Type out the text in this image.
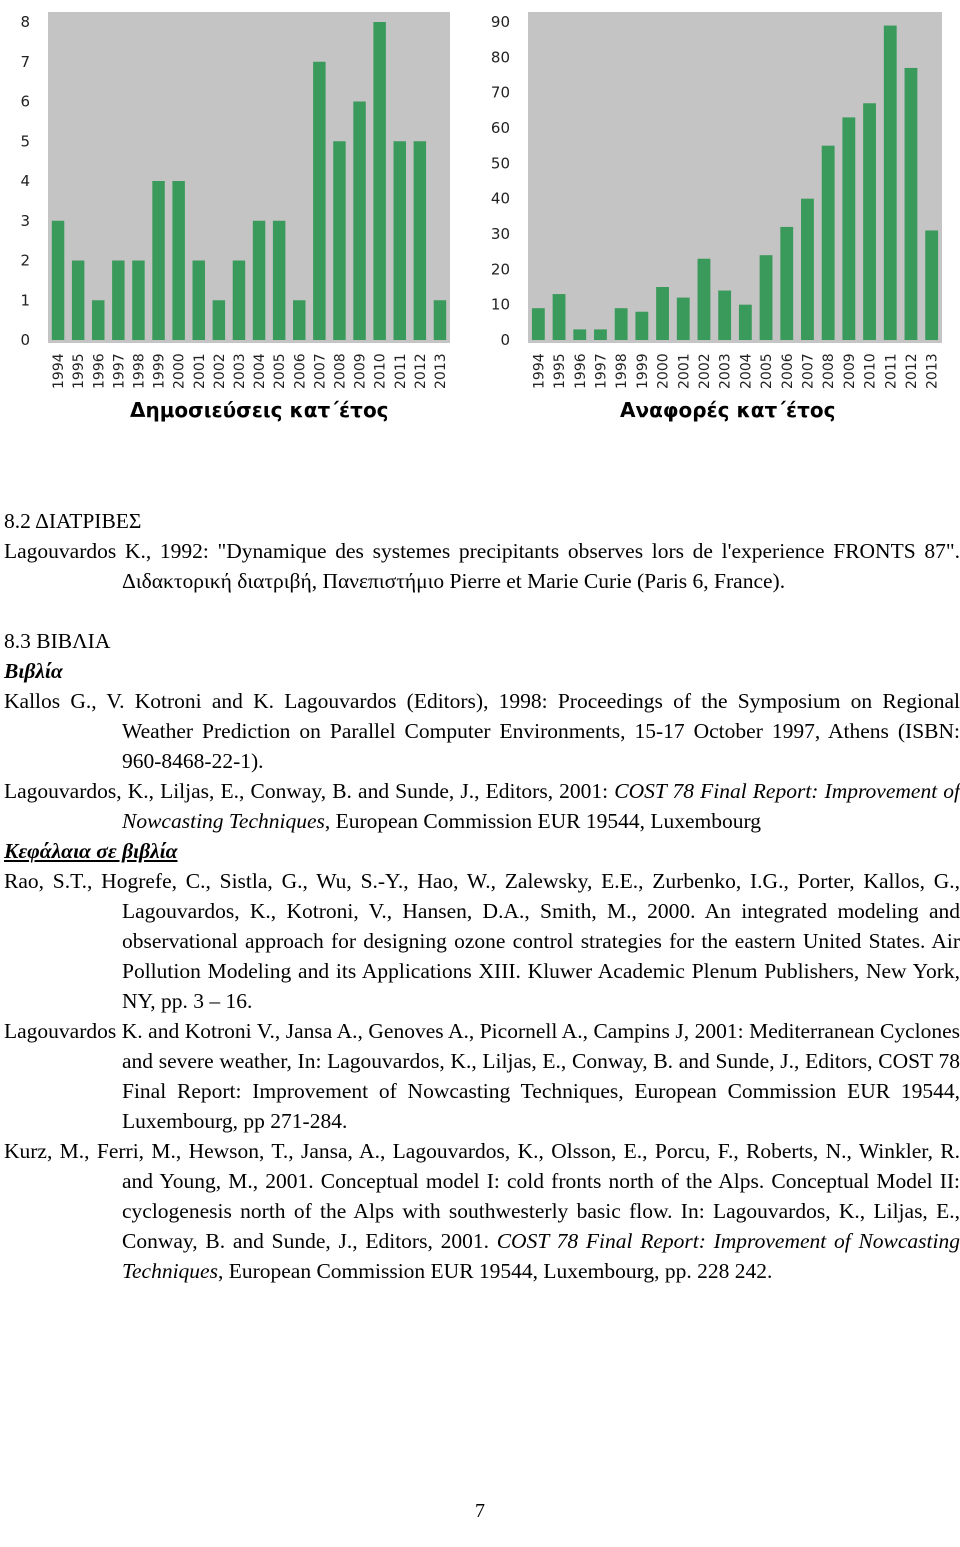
0
1
2
3
4
5
6
7
8
1994 1995 1996 1997 1998 1999 2000 2001 2002 2003 2004 2005 2006 2007 2008 2009 2010 2011 2012 2013
Δημοσιεύσεις κατ΄έτος
0
10
20
30
40
50
60
70
80
90
1994 1995 1996 1997 1998 1999 2000 2001 2002 2003 2004 2005 2006 2007 2008 2009 2010 2011 2012 2013
Αναφορές κατ΄έτος

8.2 ΔΙΑΤΡΙΒΕΣ

Lagouvardos K., 1992: "Dynamique des systemes precipitants observes lors de l'experience FRONTS 87". Διδακτορική διατριβή, Πανεπιστήμιο Pierre et Marie Curie (Paris 6, France).

8.3 ΒΙΒΛΙΑ

Βιβλία

Kallos G., V. Kotroni and K. Lagouvardos (Editors), 1998: Proceedings of the Symposium on Regional Weather Prediction on Parallel Computer Environments, 15-17 October 1997, Athens (ISBN: 960-8468-22-1).

Lagouvardos, K., Liljas, E., Conway, B. and Sunde, J., Editors, 2001: COST 78 Final Report: Improvement of Nowcasting Techniques, European Commission EUR 19544, Luxembourg

Κεφάλαια σε βιβλία

Rao, S.T., Hogrefe, C., Sistla, G., Wu, S.-Y., Hao, W., Zalewsky, E.E., Zurbenko, I.G., Porter, Kallos, G., Lagouvardos, K., Kotroni, V., Hansen, D.A., Smith, M., 2000. An integrated modeling and observational approach for designing ozone control strategies for the eastern United States. Air Pollution Modeling and its Applications XIII. Kluwer Academic Plenum Publishers, New York, NY, pp. 3 – 16.

Lagouvardos K. and Kotroni V., Jansa A., Genoves A., Picornell A., Campins J, 2001: Mediterranean Cyclones and severe weather, In: Lagouvardos, K., Liljas, E., Conway, B. and Sunde, J., Editors, COST 78 Final Report: Improvement of Nowcasting Techniques, European Commission EUR 19544, Luxembourg, pp 271-284.

Kurz, M., Ferri, M., Hewson, T., Jansa, A., Lagouvardos, K., Olsson, E., Porcu, F., Roberts, N., Winkler, R. and Young, M., 2001. Conceptual model I: cold fronts north of the Alps. Conceptual Model II: cyclogenesis north of the Alps with southwesterly basic flow. In: Lagouvardos, K., Liljas, E., Conway, B. and Sunde, J., Editors, 2001. COST 78 Final Report: Improvement of Nowcasting Techniques, European Commission EUR 19544, Luxembourg, pp. 228 242.

7
